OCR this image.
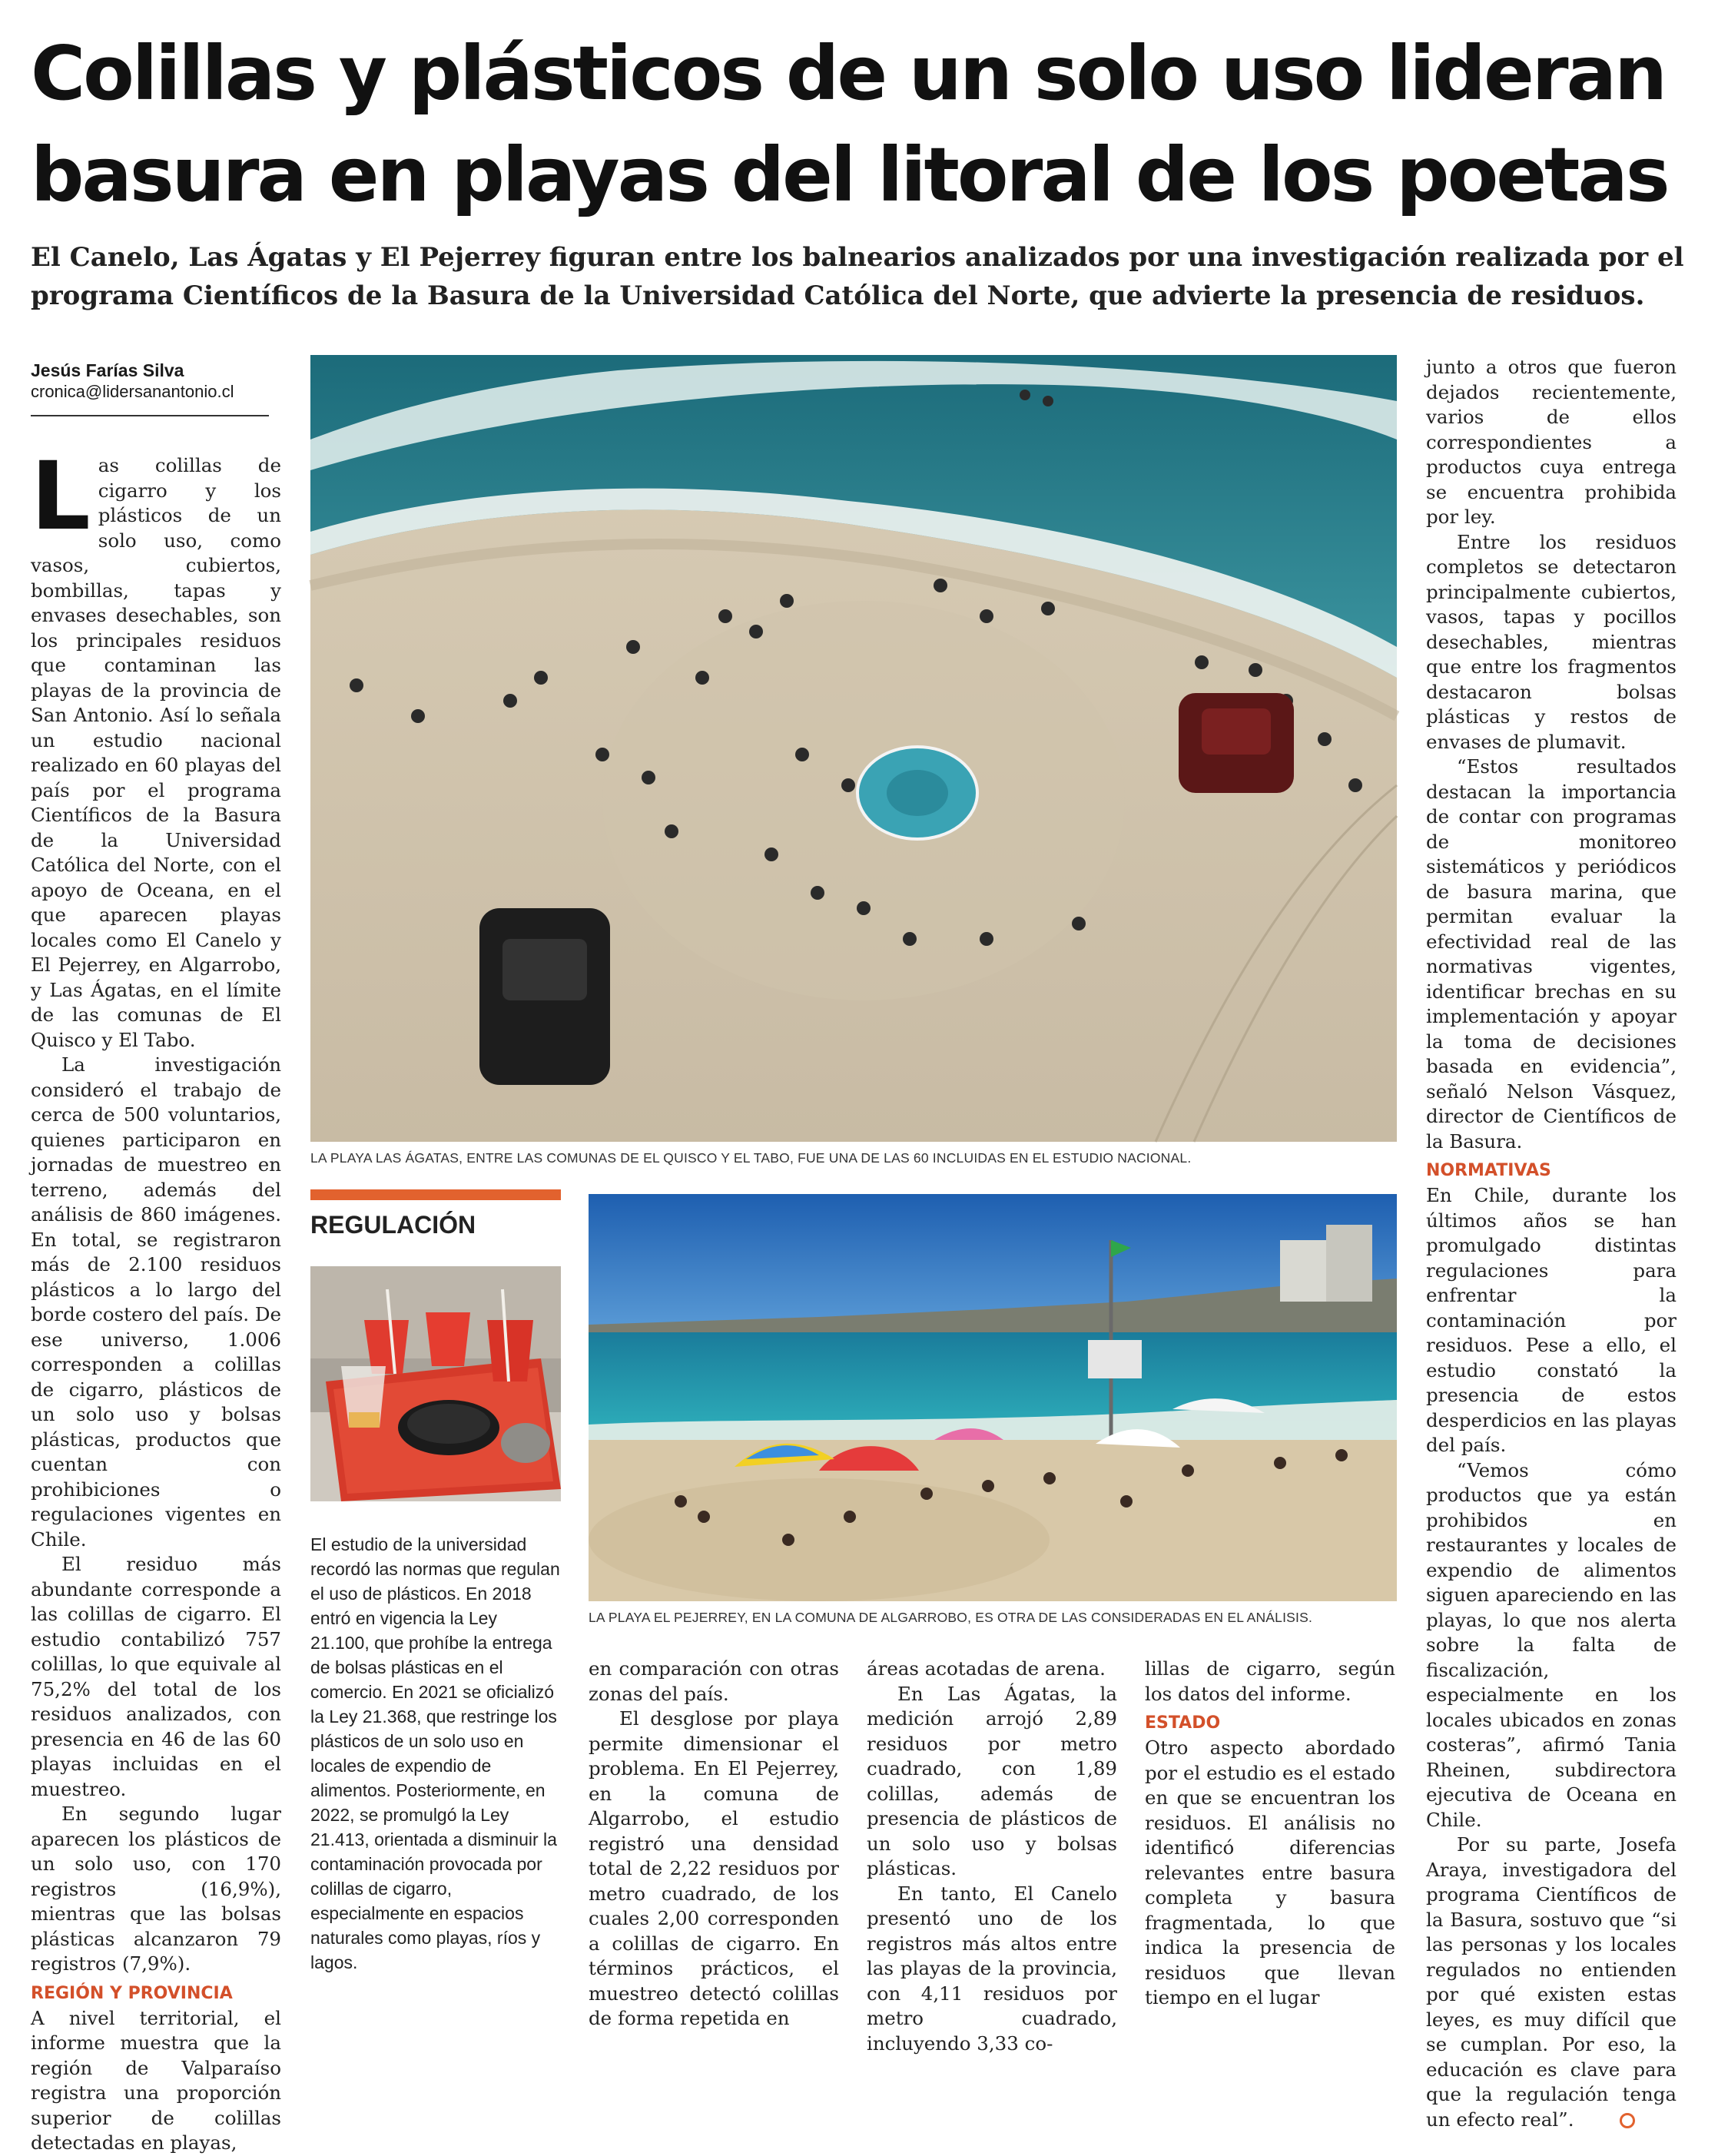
Colillas y plásticos de un solo uso lideran
basura en playas del litoral de los poetas

El Canelo, Las Ágatas y El Pejerrey figuran entre los balnearios analizados por una investigación realizada por el
programa Científicos de la Basura de la Universidad Católica del Norte, que advierte la presencia de residuos.

Jesús Farías Silva
cronica@lidersanantonio.cl

Las colillas de cigarro y los plásticos de un solo uso, como vasos, cubiertos, bombillas, tapas y envases desechables, son los principales residuos que contaminan las playas de la provincia de San Antonio. Así lo señala un estudio nacional realizado en 60 playas del país por el programa Científicos de la Basura de la Universidad Católica del Norte, con el apoyo de Oceana, en el que aparecen playas locales como El Canelo y El Pejerrey, en Algarrobo, y Las Ágatas, en el límite de las comunas de El Quisco y El Tabo.

La investigación consideró el trabajo de cerca de 500 voluntarios, quienes participaron en jornadas de muestreo en terreno, además del análisis de 860 imágenes. En total, se registraron más de 2.100 residuos plásticos a lo largo del borde costero del país. De ese universo, 1.006 corresponden a colillas de cigarro, plásticos de un solo uso y bolsas plásticas, productos que cuentan con prohibiciones o regulaciones vigentes en Chile.

El residuo más abundante corresponde a las colillas de cigarro. El estudio contabilizó 757 colillas, lo que equivale al 75,2% del total de los residuos analizados, con presencia en 46 de las 60 playas incluidas en el muestreo.

En segundo lugar aparecen los plásticos de un solo uso, con 170 registros (16,9%), mientras que las bolsas plásticas alcanzaron 79 registros (7,9%).

REGIÓN Y PROVINCIA

A nivel territorial, el informe muestra que la región de Valparaíso registra una proporción superior de colillas detectadas en playas,

LA PLAYA LAS ÁGATAS, ENTRE LAS COMUNAS DE EL QUISCO Y EL TABO, FUE UNA DE LAS 60 INCLUIDAS EN EL ESTUDIO NACIONAL.
REGULACIÓN
El estudio de la universidad recordó las normas que regulan el uso de plásticos. En 2018 entró en vigencia la Ley 21.100, que prohíbe la entrega de bolsas plásticas en el comercio. En 2021 se oficializó la Ley 21.368, que restringe los plásticos de un solo uso en locales de expendio de alimentos. Posteriormente, en 2022, se promulgó la Ley 21.413, orientada a disminuir la contaminación provocada por colillas de cigarro, especialmente en espacios naturales como playas, ríos y lagos.
LA PLAYA EL PEJERREY, EN LA COMUNA DE ALGARROBO, ES OTRA DE LAS CONSIDERADAS EN EL ANÁLISIS.

en comparación con otras zonas del país.

El desglose por playa permite dimensionar el problema. En El Pejerrey, en la comuna de Algarrobo, el estudio registró una densidad total de 2,22 residuos por metro cuadrado, de los cuales 2,00 corresponden a colillas de cigarro. En términos prácticos, el muestreo detectó colillas de forma repetida en

áreas acotadas de arena.

En Las Ágatas, la medición arrojó 2,89 residuos por metro cuadrado, con 1,89 colillas, además de presencia de plásticos de un solo uso y bolsas plásticas.

En tanto, El Canelo presentó uno de los registros más altos entre las playas de la provincia, con 4,11 residuos por metro cuadrado, incluyendo 3,33 co-

lillas de cigarro, según los datos del informe.

ESTADO

Otro aspecto abordado por el estudio es el estado en que se encuentran los residuos. El análisis no identificó diferencias relevantes entre basura completa y basura fragmentada, lo que indica la presencia de residuos que llevan tiempo en el lugar

junto a otros que fueron dejados recientemente, varios de ellos correspondientes a productos cuya entrega se encuentra prohibida por ley.

Entre los residuos completos se detectaron principalmente cubiertos, vasos, tapas y pocillos desechables, mientras que entre los fragmentos destacaron bolsas plásticas y restos de envases de plumavit.

“Estos resultados destacan la importancia de contar con programas de monitoreo sistemáticos y periódicos de basura marina, que permitan evaluar la efectividad real de las normativas vigentes, identificar brechas en su implementación y apoyar la toma de decisiones basada en evidencia”, señaló Nelson Vásquez, director de Científicos de la Basura.

NORMATIVAS

En Chile, durante los últimos años se han promulgado distintas regulaciones para enfrentar la contaminación por residuos. Pese a ello, el estudio constató la presencia de estos desperdicios en las playas del país.

“Vemos cómo productos que ya están prohibidos en restaurantes y locales de expendio de alimentos siguen apareciendo en las playas, lo que nos alerta sobre la falta de fiscalización, especialmente en los locales ubicados en zonas costeras”, afirmó Tania Rheinen, subdirectora ejecutiva de Oceana en Chile.

Por su parte, Josefa Araya, investigadora del programa Científicos de la Basura, sostuvo que “si las personas y los locales regulados no entienden por qué existen estas leyes, es muy difícil que se cumplan. Por eso, la educación es clave para que la regulación tenga un efecto real”.
